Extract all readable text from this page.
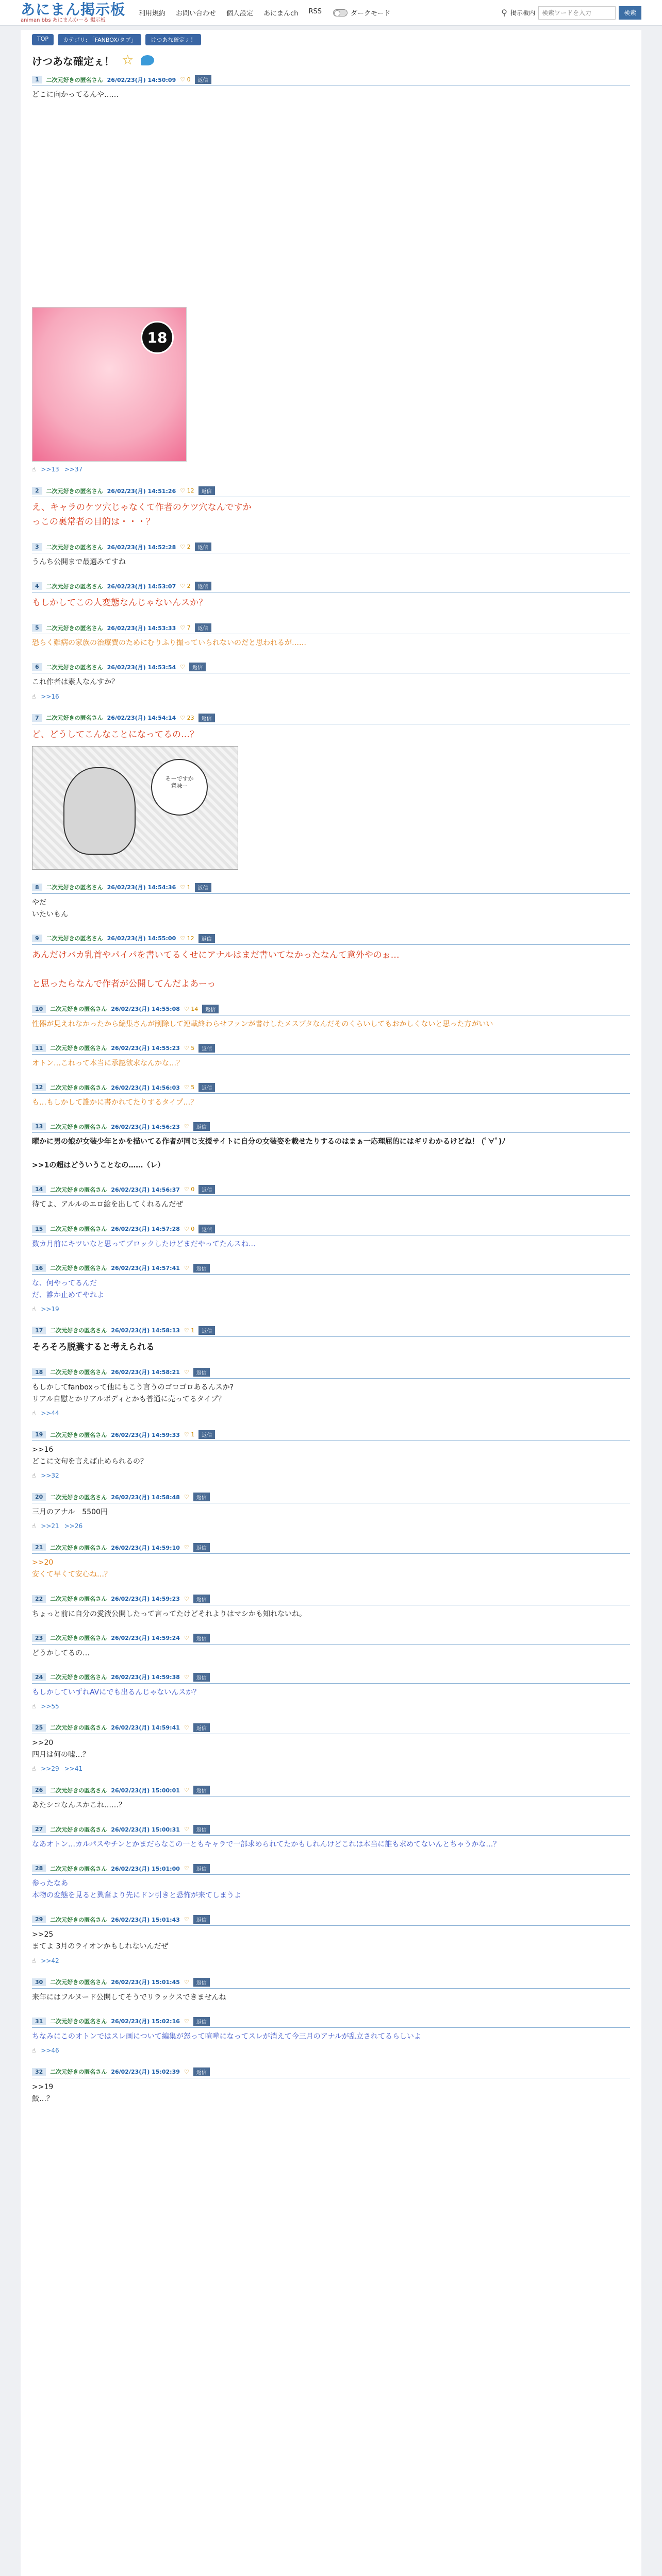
あにまん掲示板
animan bbs あにまんかーる 掲示板
利用規約 お問い合わせ 個人設定 あにまんch RSS	ダークモード	⚲ 掲示板内
検索ワードを入力	検索
TOP	カテゴリ: 「FANBOX/タブ」	けつあな確定ぇ！
けつあな確定ぇ！ ☆
1	二次元好きの匿名さん 26/02/23(月) 14:50:09 ♡ 0	返信
どこに向かってるんや……
18
☝ >>13 >>37
2	二次元好きの匿名さん 26/02/23(月) 14:51:26 ♡ 12	返信
え、キャラのケツ穴じゃなくて作者のケツ穴なんですか
っこの裏常者の目的は・・・？
3	二次元好きの匿名さん 26/02/23(月) 14:52:28 ♡ 2	返信
うんち公開まで最適みてすね
4	二次元好きの匿名さん 26/02/23(月) 14:53:07 ♡ 2	返信
もしかしてこの人変態なんじゃないんスか？
5	二次元好きの匿名さん 26/02/23(月) 14:53:33 ♡ 7	返信
恐らく難病の家族の治療費のためにむりふり撮っていられないのだと思われるが……
6	二次元好きの匿名さん 26/02/23(月) 14:53:54 ♡	返信
これ作者は素人なんすか？
☝ >>16
7	二次元好きの匿名さん 26/02/23(月) 14:54:14 ♡ 23	返信
ど、どうしてこんなことになってるの…？
そーですか
意味ー
8	二次元好きの匿名さん 26/02/23(月) 14:54:36 ♡ 1	返信
やだ
いたいもん
9	二次元好きの匿名さん 26/02/23(月) 14:55:00 ♡ 12	返信
あんだけバカ乳首やパイパを書いてるくせにアナルはまだ書いてなかったなんて意外やのぉ…

と思ったらなんで作者が公開してんだよあーっ
10	二次元好きの匿名さん 26/02/23(月) 14:55:08 ♡ 14	返信
性器が見えれなかったから編集さんが削除して連載終わらせファンが書けしたメスブタなんだそのくらいしてもおかしくないと思った方がいい
11	二次元好きの匿名さん 26/02/23(月) 14:55:23 ♡ 5	返信
オトン…これって本当に承認欲求なんかな…？
12	二次元好きの匿名さん 26/02/23(月) 14:56:03 ♡ 5	返信
も…もしかして誰かに書かれてたりするタイプ…？
13	二次元好きの匿名さん 26/02/23(月) 14:56:23 ♡	返信
曜かに男の娘が女装少年とかを描いてる作者が同じ支援サイトに自分の女装姿を載せたりするのはまぁ一応理屈的にはギリわかるけどね！ (ﾟ∀ﾟ)ﾉ

>>1の超はどういうことなの……（レ）
14	二次元好きの匿名さん 26/02/23(月) 14:56:37 ♡ 0	返信
待てよ、アルルのエロ絵を出してくれるんだぜ
15	二次元好きの匿名さん 26/02/23(月) 14:57:28 ♡ 0	返信
数カ月前にキツいなと思ってブロックしたけどまだやってたんスね…
16	二次元好きの匿名さん 26/02/23(月) 14:57:41 ♡	返信
な、何やってるんだ
だ、誰か止めてやれよ
☝ >>19
17	二次元好きの匿名さん 26/02/23(月) 14:58:13 ♡ 1	返信
そろそろ脱糞すると考えられる
18	二次元好きの匿名さん 26/02/23(月) 14:58:21 ♡	返信
もしかしてfanboxって他にもこう言うのゴロゴロあるんスか?
リアル自慰とかリアルボディとかも普通に売ってるタイプ？
☝ >>44
19	二次元好きの匿名さん 26/02/23(月) 14:59:33 ♡ 1	返信
>>16
どこに文句を言えば止められるの？
☝ >>32
20	二次元好きの匿名さん 26/02/23(月) 14:58:48 ♡	返信
三月のアナル　5500円
☝ >>21 >>26
21	二次元好きの匿名さん 26/02/23(月) 14:59:10 ♡	返信
>>20
安くて早くて安心ね…？
22	二次元好きの匿名さん 26/02/23(月) 14:59:23 ♡	返信
ちょっと前に自分の愛液公開したって言ってたけどそれよりはマシかも知れないね。
23	二次元好きの匿名さん 26/02/23(月) 14:59:24 ♡	返信
どうかしてるの…
24	二次元好きの匿名さん 26/02/23(月) 14:59:38 ♡	返信
もしかしていずれAVにでも出るんじゃないんスか？
☝ >>55
25	二次元好きの匿名さん 26/02/23(月) 14:59:41 ♡	返信
>>20
四月は何の嘘…？
☝ >>29 >>41
26	二次元好きの匿名さん 26/02/23(月) 15:00:01 ♡	返信
あたシコなんスかこれ……？
27	二次元好きの匿名さん 26/02/23(月) 15:00:31 ♡	返信
なあオトン…カルパスやチンとかまだらなこの一ともキャラで一部求められてたかもしれんけどこれは本当に誰も求めてないんとちゃうかな…？
28	二次元好きの匿名さん 26/02/23(月) 15:01:00 ♡	返信
参ったなあ
本物の変態を見ると興奮より先にドン引きと恐怖が来てしまうよ
29	二次元好きの匿名さん 26/02/23(月) 15:01:43 ♡	返信
>>25
まてよ 3月のライオンかもしれないんだぜ
☝ >>42
30	二次元好きの匿名さん 26/02/23(月) 15:01:45 ♡	返信
来年にはフルヌード公開してそうでリラックスできませんね
31	二次元好きの匿名さん 26/02/23(月) 15:02:16 ♡	返信
ちなみにこのオトンではスレ画について編集が怒って喧嘩になってスレが消えて今三月のアナルが乱立されてるらしいよ
☝ >>46
32	二次元好きの匿名さん 26/02/23(月) 15:02:39 ♡	返信
>>19
鮫…？
